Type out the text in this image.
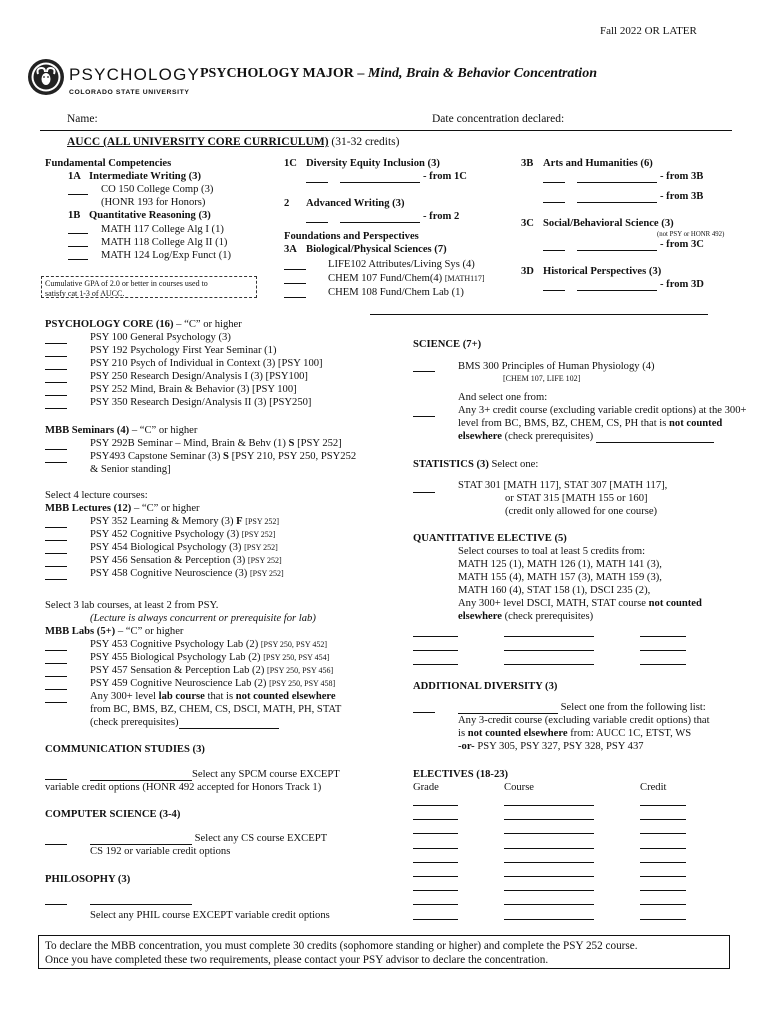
Fall 2022 OR LATER
PSYCHOLOGY
COLORADO STATE UNIVERSITY
PSYCHOLOGY MAJOR – Mind, Brain & Behavior Concentration
Name:	Date concentration declared:
AUCC (ALL UNIVERSITY CORE CURRICULUM) (31-32 credits)
Fundamental Competencies
1A Intermediate Writing (3)
CO 150 College Comp (3)
(HONR 193 for Honors)
1B Quantitative Reasoning (3)
MATH 117 College Alg I (1)
MATH 118 College Alg II (1)
MATH 124 Log/Exp Funct (1)
Cumulative GPA of 2.0 or better in courses used to
satisfy cat 1-3 of AUCC.
1C Diversity Equity Inclusion (3)
- from 1C
2 Advanced Writing (3)
- from 2
Foundations and Perspectives
3A Biological/Physical Sciences (7)
LIFE102 Attributes/Living Sys (4)
CHEM 107 Fund/Chem(4) [MATH117]
CHEM 108 Fund/Chem Lab (1)
3B Arts and Humanities (6)
- from 3B
- from 3B
3C Social/Behavioral Science (3)
(not PSY or HONR 492)
- from 3C
3D Historical Perspectives (3)
- from 3D
PSYCHOLOGY CORE (16) – “C” or higher
PSY 100 General Psychology (3)
PSY 192 Psychology First Year Seminar (1)
PSY 210 Psych of Individual in Context (3) [PSY 100]
PSY 250 Research Design/Analysis I (3) [PSY100]
PSY 252 Mind, Brain & Behavior (3) [PSY 100]
PSY 350 Research Design/Analysis II (3) [PSY250]
MBB Seminars (4) – “C” or higher
PSY 292B Seminar – Mind, Brain & Behv (1) S [PSY 252]
PSY493 Capstone Seminar (3) S [PSY 210, PSY 250, PSY252
& Senior standing]
Select 4 lecture courses:
MBB Lectures (12) – “C” or higher
PSY 352 Learning & Memory (3) F [PSY 252]
PSY 452 Cognitive Psychology (3) [PSY 252]
PSY 454 Biological Psychology (3) [PSY 252]
PSY 456 Sensation & Perception (3) [PSY 252]
PSY 458 Cognitive Neuroscience (3) [PSY 252]
Select 3 lab courses, at least 2 from PSY.
(Lecture is always concurrent or prerequisite for lab)
MBB Labs (5+) – “C” or higher
PSY 453 Cognitive Psychology Lab (2) [PSY 250, PSY 452]
PSY 455 Biological Psychology Lab (2) [PSY 250, PSY 454]
PSY 457 Sensation & Perception Lab (2) [PSY 250, PSY 456]
PSY 459 Cognitive Neuroscience Lab (2) [PSY 250, PSY 458]
Any 300+ level lab course that is not counted elsewhere
from BC, BMS, BZ, CHEM, CS, DSCI, MATH, PH, STAT
(check prerequisites)
COMMUNICATION STUDIES (3)
Select any SPCM course EXCEPT
variable credit options (HONR 492 accepted for Honors Track 1)
COMPUTER SCIENCE (3-4)
Select any CS course EXCEPT
CS 192 or variable credit options
PHILOSOPHY (3)
Select any PHIL course EXCEPT variable credit options
SCIENCE (7+)
BMS 300 Principles of Human Physiology (4)
[CHEM 107, LIFE 102]
And select one from:
Any 3+ credit course (excluding variable credit options) at the 300+
level from BC, BMS, BZ, CHEM, CS, PH that is not counted
elsewhere (check prerequisites)
STATISTICS (3) Select one:
STAT 301 [MATH 117], STAT 307 [MATH 117],
or STAT 315 [MATH 155 or 160]
(credit only allowed for one course)
QUANTITATIVE ELECTIVE (5)
Select courses to toal at least 5 credits from:
MATH 125 (1), MATH 126 (1), MATH 141 (3),
MATH 155 (4), MATH 157 (3), MATH 159 (3),
MATH 160 (4), STAT 158 (1), DSCI 235 (2),
Any 300+ level DSCI, MATH, STAT course not counted
elsewhere (check prerequisites)
ADDITIONAL DIVERSITY (3)
Select one from the following list:
Any 3-credit course (excluding variable credit options) that
is not counted elsewhere from: AUCC 1C, ETST, WS
-or- PSY 305, PSY 327, PSY 328, PSY 437
ELECTIVES (18-23)
Grade	Course	Credit
To declare the MBB concentration, you must complete 30 credits (sophomore standing or higher) and complete the PSY 252 course.
Once you have completed these two requirements, please contact your PSY advisor to declare the concentration.
